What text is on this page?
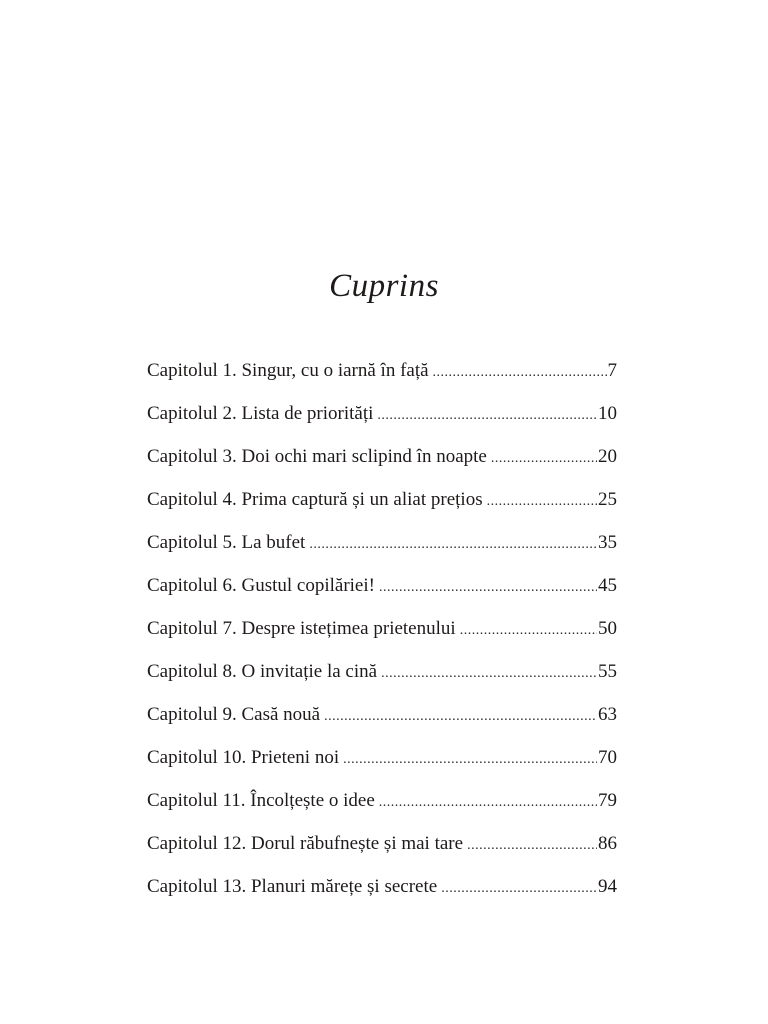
Cuprins
Capitolul 1. Singur, cu o iarnă în față .....	7
Capitolul 2. Lista de priorități .....	10
Capitolul 3. Doi ochi mari sclipind în noapte .....	20
Capitolul 4. Prima captură și un aliat prețios .....	25
Capitolul 5. La bufet .....	35
Capitolul 6. Gustul copilăriei! .....	45
Capitolul 7. Despre istețimea prietenului .....	50
Capitolul 8. O invitație la cină .....	55
Capitolul 9. Casă nouă .....	63
Capitolul 10. Prieteni noi .....	70
Capitolul 11. Încolțește o idee .....	79
Capitolul 12. Dorul răbufnește și mai tare .....	86
Capitolul 13. Planuri mărețe și secrete .....	94
